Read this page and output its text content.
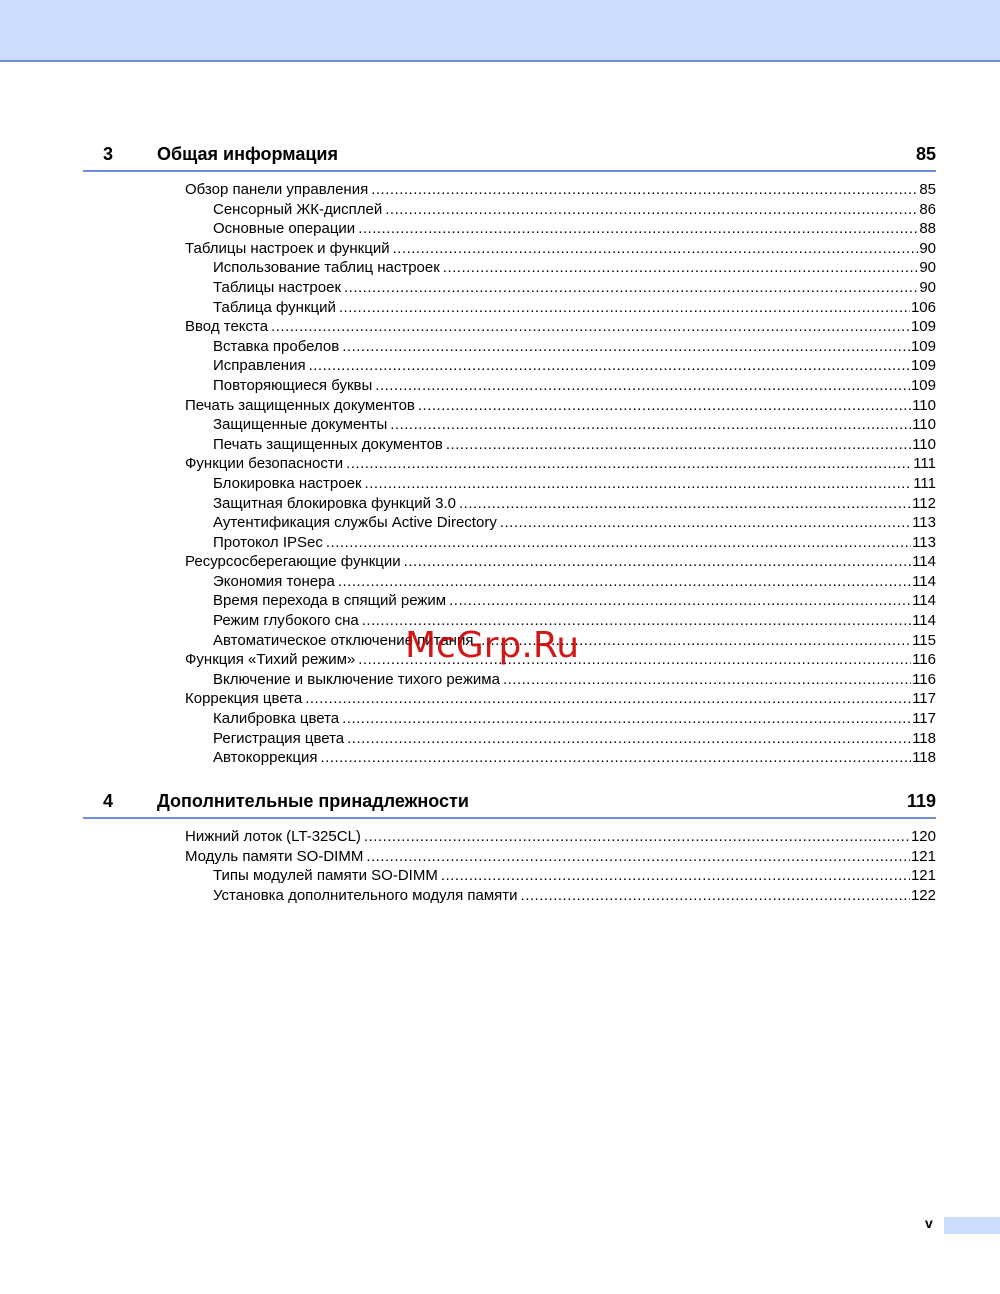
3 Общая информация	85
Обзор панели управления .....	85
Сенсорный ЖК-дисплей .....	86
Основные операции .....	88
Таблицы настроек и функций .....	90
Использование таблиц настроек .....	90
Таблицы настроек .....	90
Таблица функций .....	106
Ввод текста .....	109
Вставка пробелов .....	109
Исправления .....	109
Повторяющиеся буквы .....	109
Печать защищенных документов .....	110
Защищенные документы .....	110
Печать защищенных документов .....	110
Функции безопасности .....	111
Блокировка настроек .....	111
Защитная блокировка функций 3.0 .....	112
Аутентификация службы Active Directory .....	113
Протокол IPSec .....	113
Ресурсосберегающие функции .....	114
Экономия тонера .....	114
Время перехода в спящий режим .....	114
Режим глубокого сна .....	114
Автоматическое отключение питания .....	115
Функция «Тихий режим» .....	116
Включение и выключение тихого режима .....	116
Коррекция цвета .....	117
Калибровка цвета .....	117
Регистрация цвета .....	118
Автокоррекция .....	118
4 Дополнительные принадлежности	119
Нижний лоток (LT-325CL) .....	120
Модуль памяти SO-DIMM .....	121
Типы модулей памяти SO-DIMM .....	121
Установка дополнительного модуля памяти .....	122
McGrp.Ru
v
